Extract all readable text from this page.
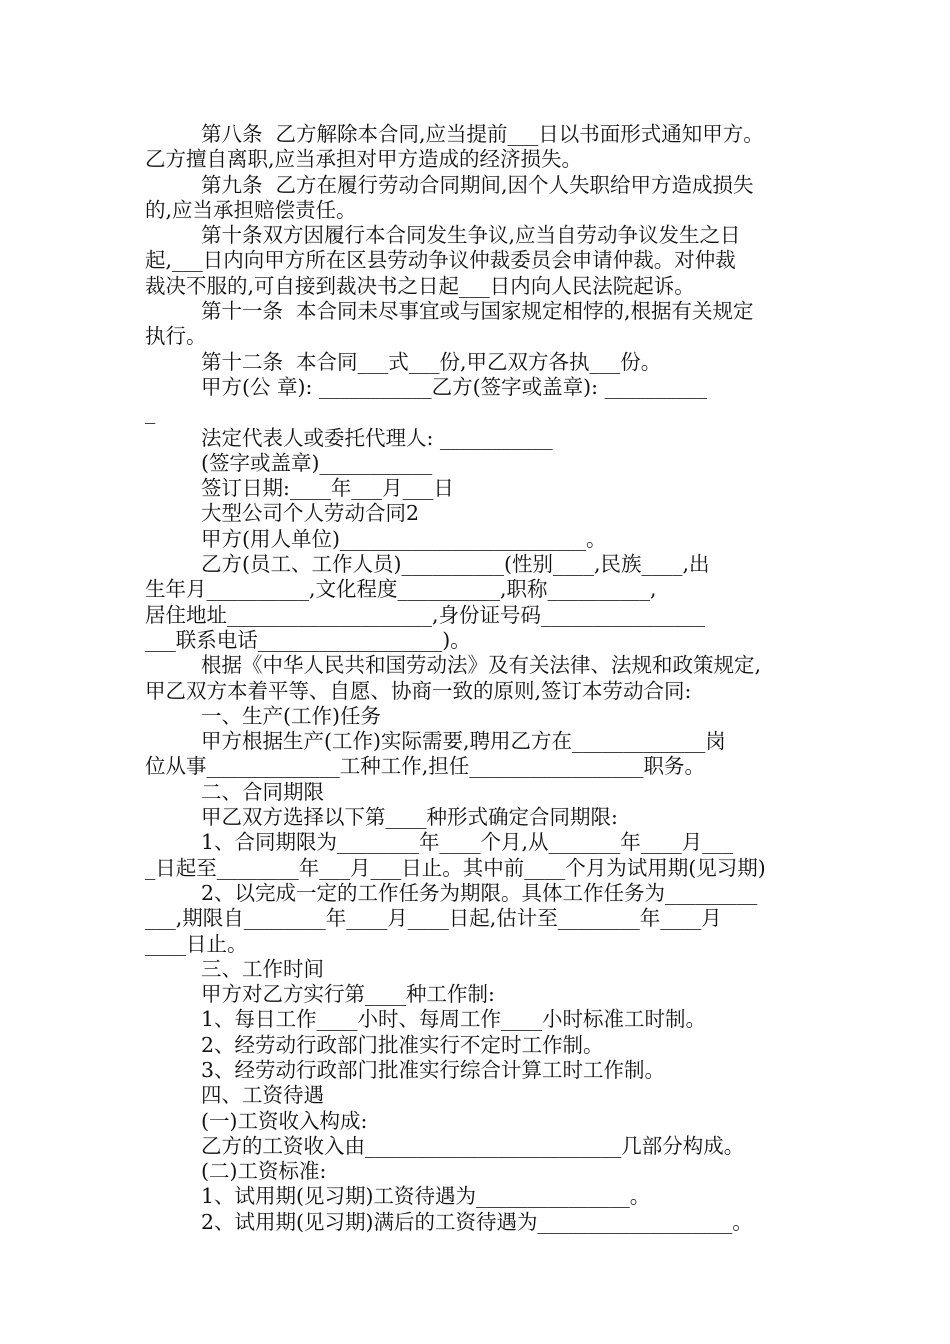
第八条  乙方解除本合同,应当提前___日以书面形式通知甲方。
乙方擅自离职,应当承担对甲方造成的经济损失。
第九条  乙方在履行劳动合同期间,因个人失职给甲方造成损失
的,应当承担赔偿责任。
第十条双方因履行本合同发生争议,应当自劳动争议发生之日
起,___日内向甲方所在区县劳动争议仲裁委员会申请仲裁。对仲裁
裁决不服的,可自接到裁决书之日起___日内向人民法院起诉。
第十一条  本合同未尽事宜或与国家规定相悖的,根据有关规定
执行。
第十二条  本合同___式___份,甲乙双方各执___份。
甲方(公 章): ___________乙方(签字或盖章): __________
_
法定代表人或委托代理人: ___________
(签字或盖章)___________
签订日期:____年___月___日
大型公司个人劳动合同2
甲方(用人单位)________________________。
乙方(员工、工作人员)__________(性别____,民族____,出
生年月__________,文化程度__________,职称__________,
居住地址____________________,身份证号码________________
___联系电话__________________)。
根据《中华人民共和国劳动法》及有关法律、法规和政策规定,
甲乙双方本着平等、自愿、协商一致的原则,签订本劳动合同:
一、生产(工作)任务
甲方根据生产(工作)实际需要,聘用乙方在_____________岗
位从事_____________工种工作,担任_________________职务。
二、合同期限
甲乙双方选择以下第____种形式确定合同期限:
1、合同期限为________年____个月,从_______年____月___
_日起至________年___月___日止。其中前____个月为试用期(见习期)
2、以完成一定的工作任务为期限。具体工作任务为_________
___,期限自________年____月____日起,估计至________年____月
____日止。
三、工作时间
甲方对乙方实行第____种工作制:
1、每日工作____小时、每周工作____小时标准工时制。
2、经劳动行政部门批准实行不定时工作制。
3、经劳动行政部门批准实行综合计算工时工作制。
四、工资待遇
(一)工资收入构成:
乙方的工资收入由_________________________几部分构成。
(二)工资标准:
1、试用期(见习期)工资待遇为_______________。
2、试用期(见习期)满后的工资待遇为___________________。
